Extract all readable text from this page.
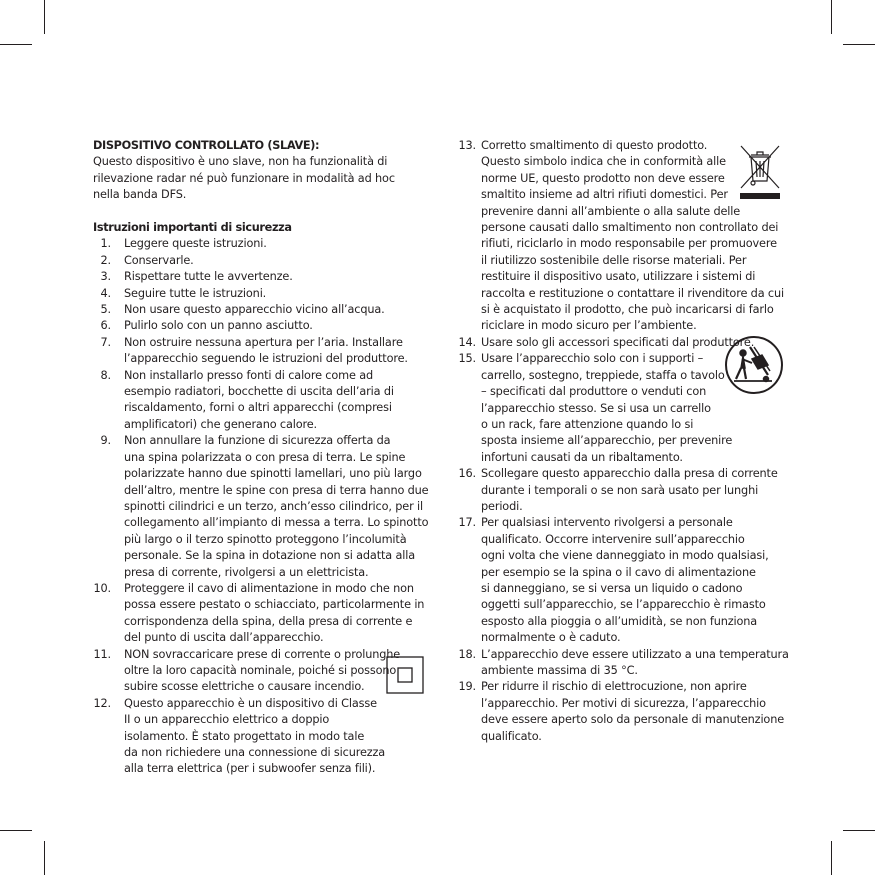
DISPOSITIVO CONTROLLATO (SLAVE):
Questo dispositivo è uno slave, non ha funzionalità di
rilevazione radar né può funzionare in modalità ad hoc
nella banda DFS.
Istruzioni importanti di sicurezza
1. Leggere queste istruzioni.
2. Conservarle.
3. Rispettare tutte le avvertenze.
4. Seguire tutte le istruzioni.
5. Non usare questo apparecchio vicino all’acqua.
6. Pulirlo solo con un panno asciutto.
7. Non ostruire nessuna apertura per l’aria. Installare
l’apparecchio seguendo le istruzioni del produttore.
8. Non installarlo presso fonti di calore come ad
esempio radiatori, bocchette di uscita dell’aria di
riscaldamento, forni o altri apparecchi (compresi
amplificatori) che generano calore.
9. Non annullare la funzione di sicurezza offerta da
una spina polarizzata o con presa di terra. Le spine
polarizzate hanno due spinotti lamellari, uno più largo
dell’altro, mentre le spine con presa di terra hanno due
spinotti cilindrici e un terzo, anch’esso cilindrico, per il
collegamento all’impianto di messa a terra. Lo spinotto
più largo o il terzo spinotto proteggono l’incolumità
personale. Se la spina in dotazione non si adatta alla
presa di corrente, rivolgersi a un elettricista.
10. Proteggere il cavo di alimentazione in modo che non
possa essere pestato o schiacciato, particolarmente in
corrispondenza della spina, della presa di corrente e
del punto di uscita dall’apparecchio.
11. NON sovraccaricare prese di corrente o prolunghe
oltre la loro capacità nominale, poiché si possono
subire scosse elettriche o causare incendio.
12. Questo apparecchio è un dispositivo di Classe
II o un apparecchio elettrico a doppio
isolamento. È stato progettato in modo tale
da non richiedere una connessione di sicurezza
alla terra elettrica (per i subwoofer senza fili).
13. Corretto smaltimento di questo prodotto.
Questo simbolo indica che in conformità alle
norme UE, questo prodotto non deve essere
smaltito insieme ad altri rifiuti domestici. Per
prevenire danni all’ambiente o alla salute delle
persone causati dallo smaltimento non controllato dei
rifiuti, riciclarlo in modo responsabile per promuovere
il riutilizzo sostenibile delle risorse materiali. Per
restituire il dispositivo usato, utilizzare i sistemi di
raccolta e restituzione o contattare il rivenditore da cui
si è acquistato il prodotto, che può incaricarsi di farlo
riciclare in modo sicuro per l’ambiente.
14. Usare solo gli accessori specificati dal produttore.
15. Usare l’apparecchio solo con i supporti –
carrello, sostegno, treppiede, staffa o tavolo
– specificati dal produttore o venduti con
l’apparecchio stesso. Se si usa un carrello
o un rack, fare attenzione quando lo si
sposta insieme all’apparecchio, per prevenire
infortuni causati da un ribaltamento.
16. Scollegare questo apparecchio dalla presa di corrente
durante i temporali o se non sarà usato per lunghi
periodi.
17. Per qualsiasi intervento rivolgersi a personale
qualificato. Occorre intervenire sull’apparecchio
ogni volta che viene danneggiato in modo qualsiasi,
per esempio se la spina o il cavo di alimentazione
si danneggiano, se si versa un liquido o cadono
oggetti sull’apparecchio, se l’apparecchio è rimasto
esposto alla pioggia o all’umidità, se non funziona
normalmente o è caduto.
18. L’apparecchio deve essere utilizzato a una temperatura
ambiente massima di 35 °C.
19. Per ridurre il rischio di elettrocuzione, non aprire
l’apparecchio. Per motivi di sicurezza, l’apparecchio
deve essere aperto solo da personale di manutenzione
qualificato.
